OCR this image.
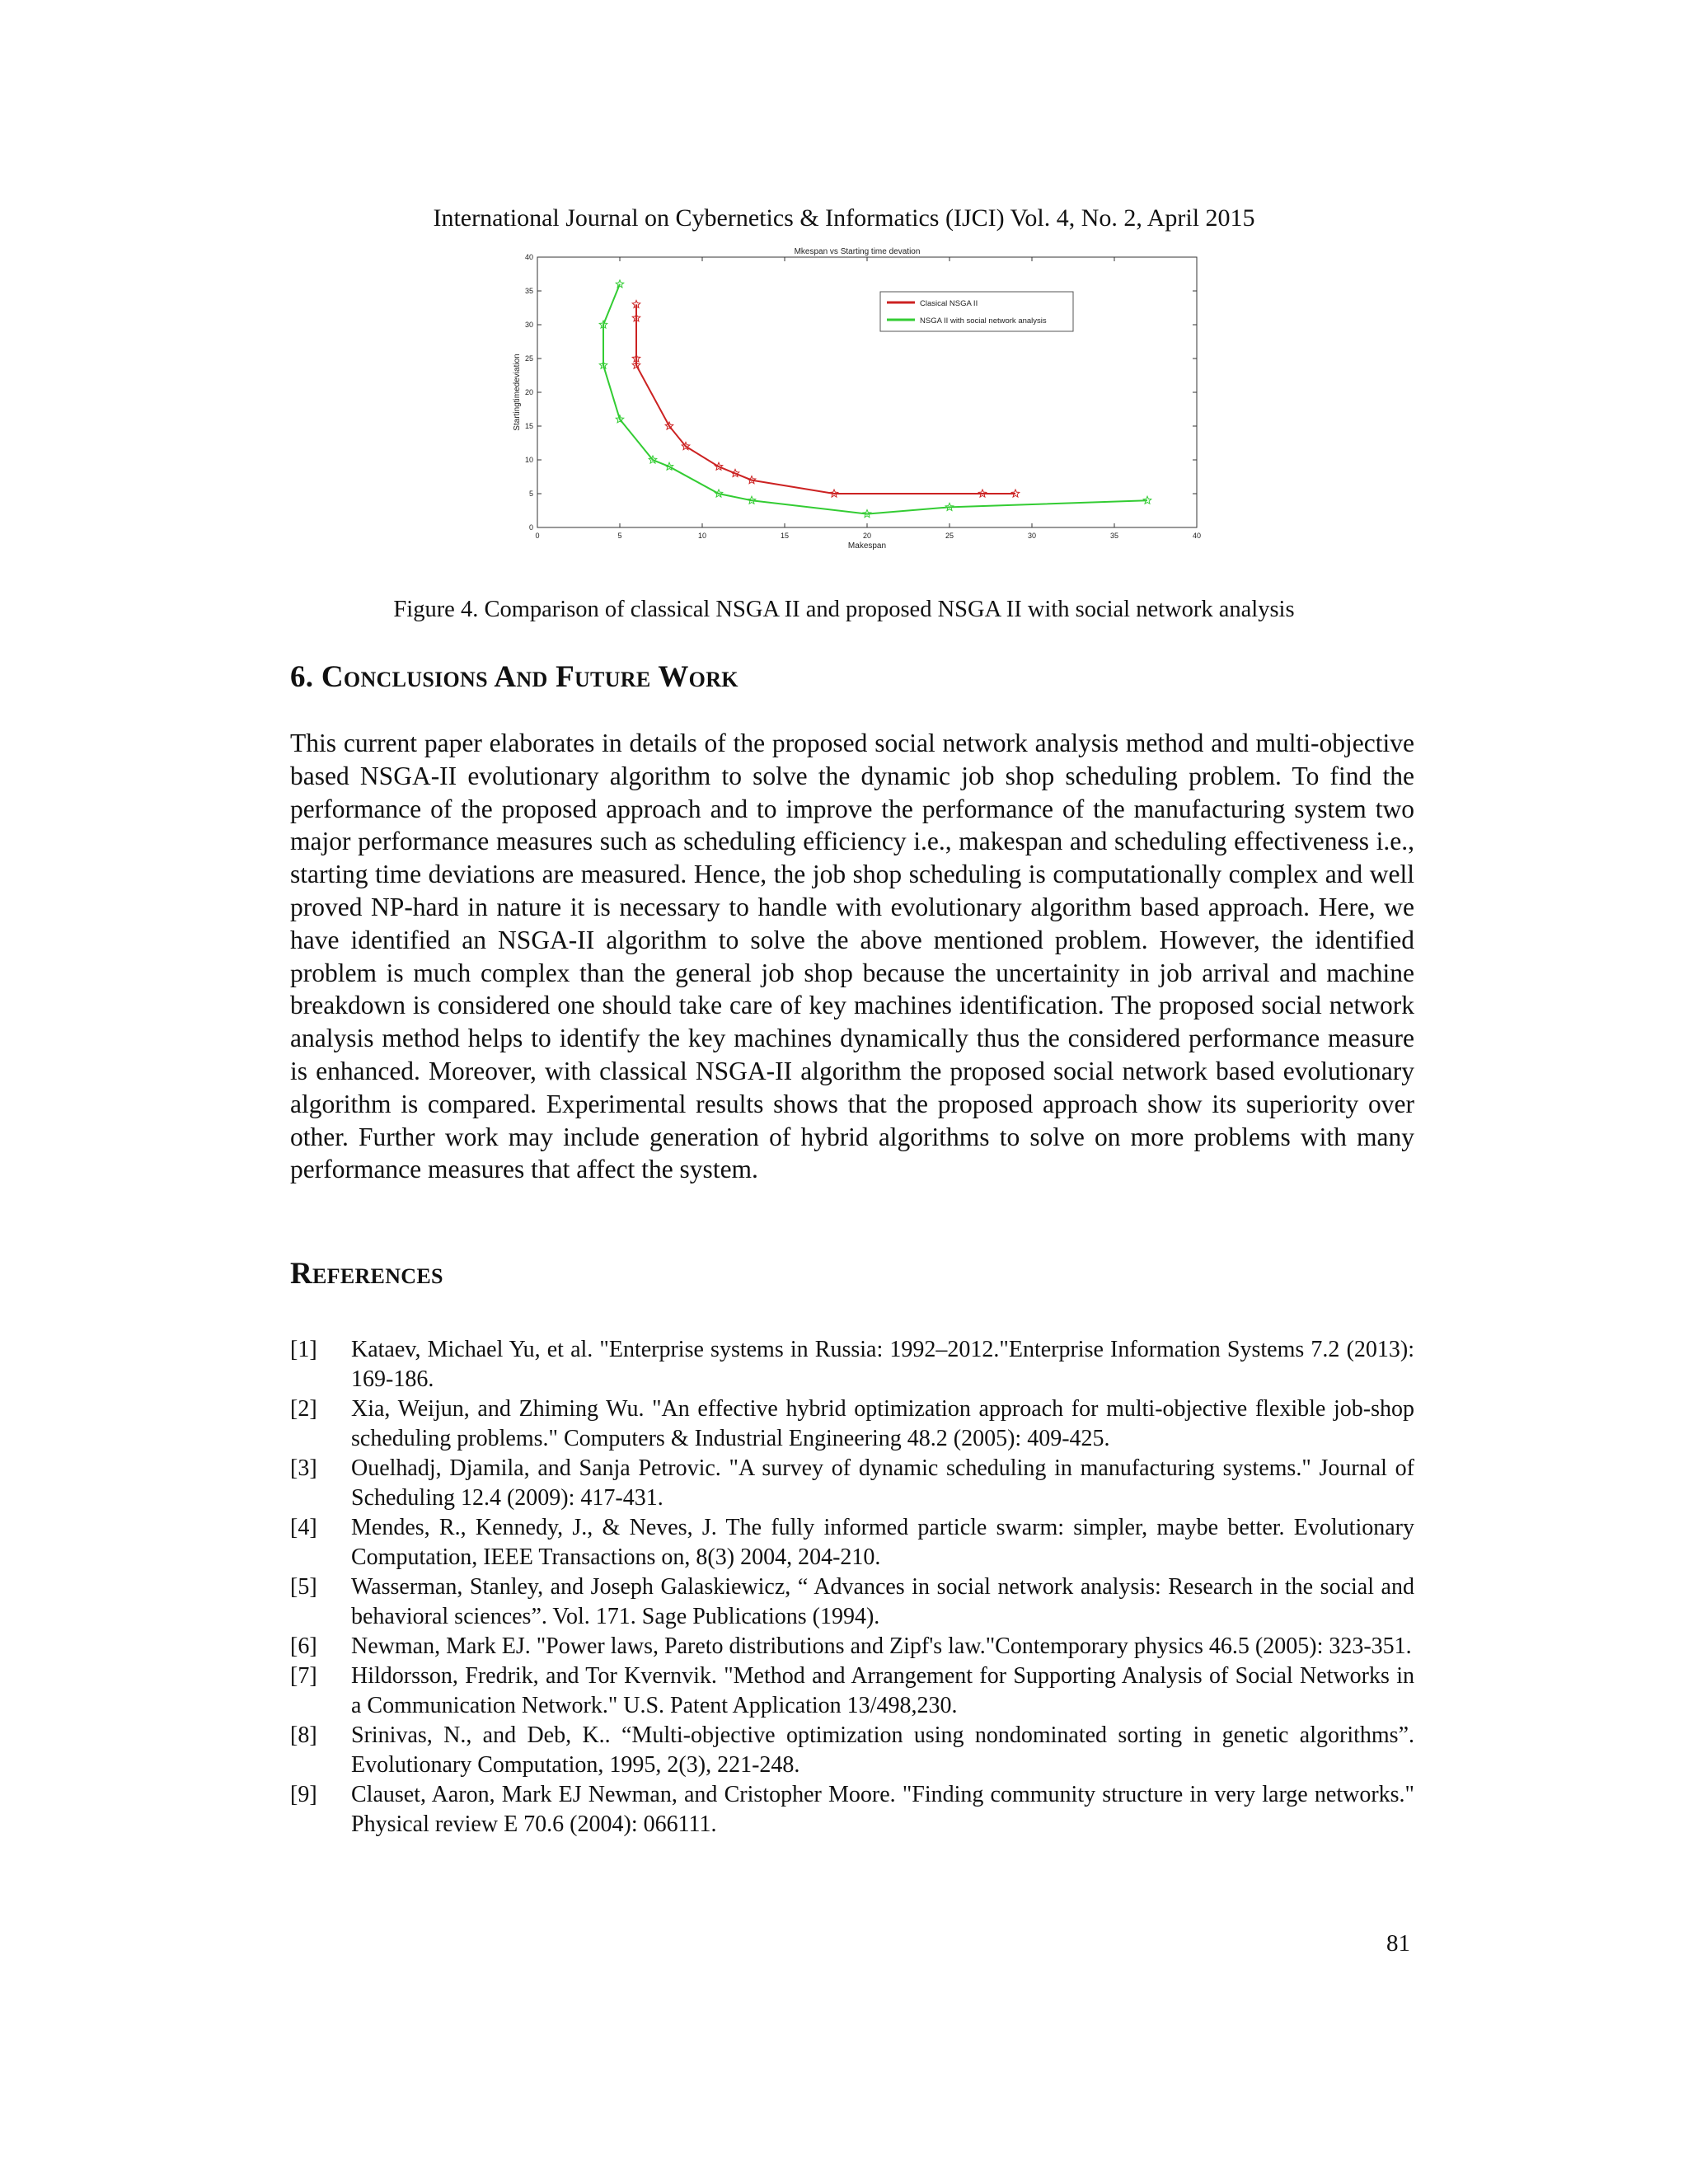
International Journal on Cybernetics & Informatics (IJCI) Vol. 4, No. 2, April 2015
Mkespan vs Starting time devation
0	5	10	15	20	25	30	35	40
0
5
10
15
20
25
30
35
40
Makespan
Startingtimedeviation
Clasical NSGA II
NSGA II with social network analysis
Figure 4. Comparison of classical NSGA II and proposed NSGA II with social network analysis
6. Conclusions And Future Work

This current paper elaborates in details of the proposed social network analysis method and multi-objective based NSGA-II evolutionary algorithm to solve the dynamic job shop scheduling problem. To find the performance of the proposed approach and to improve the performance of the manufacturing system two major performance measures such as scheduling efficiency i.e., makespan and scheduling effectiveness i.e., starting time deviations are measured. Hence, the job shop scheduling is computationally complex and well proved NP-hard in nature it is necessary to handle with evolutionary algorithm based approach. Here, we have identified an NSGA-II algorithm to solve the above mentioned problem. However, the identified problem is much complex than the general job shop because the uncertainity in job arrival and machine breakdown is considered one should take care of key machines identification. The proposed social network analysis method helps to identify the key machines dynamically thus the considered performance measure is enhanced. Moreover, with classical NSGA-II algorithm the proposed social network based evolutionary algorithm is compared. Experimental results shows that the proposed approach show its superiority over other. Further work may include generation of hybrid algorithms to solve on more problems with many performance measures that affect the system.

References
[1] Kataev, Michael Yu, et al. "Enterprise systems in Russia: 1992–2012."Enterprise Information Systems 7.2 (2013): 169-186.
[2] Xia, Weijun, and Zhiming Wu. "An effective hybrid optimization approach for multi-objective flexible job-shop scheduling problems." Computers & Industrial Engineering 48.2 (2005): 409-425.
[3] Ouelhadj, Djamila, and Sanja Petrovic. "A survey of dynamic scheduling in manufacturing systems." Journal of Scheduling 12.4 (2009): 417-431.
[4] Mendes, R., Kennedy, J., & Neves, J. The fully informed particle swarm: simpler, maybe better. Evolutionary Computation, IEEE Transactions on, 8(3) 2004, 204-210.
[5] Wasserman, Stanley, and Joseph Galaskiewicz, “ Advances in social network analysis: Research in the social and behavioral sciences”. Vol. 171. Sage Publications (1994).
[6] Newman, Mark EJ. "Power laws, Pareto distributions and Zipf's law."Contemporary physics 46.5 (2005): 323-351.
[7] Hildorsson, Fredrik, and Tor Kvernvik. "Method and Arrangement for Supporting Analysis of Social Networks in a Communication Network." U.S. Patent Application 13/498,230.
[8] Srinivas, N., and Deb, K.. “Multi-objective optimization using nondominated sorting in genetic algorithms”. Evolutionary Computation, 1995, 2(3), 221-248.
[9] Clauset, Aaron, Mark EJ Newman, and Cristopher Moore. "Finding community structure in very large networks." Physical review E 70.6 (2004): 066111.
81
